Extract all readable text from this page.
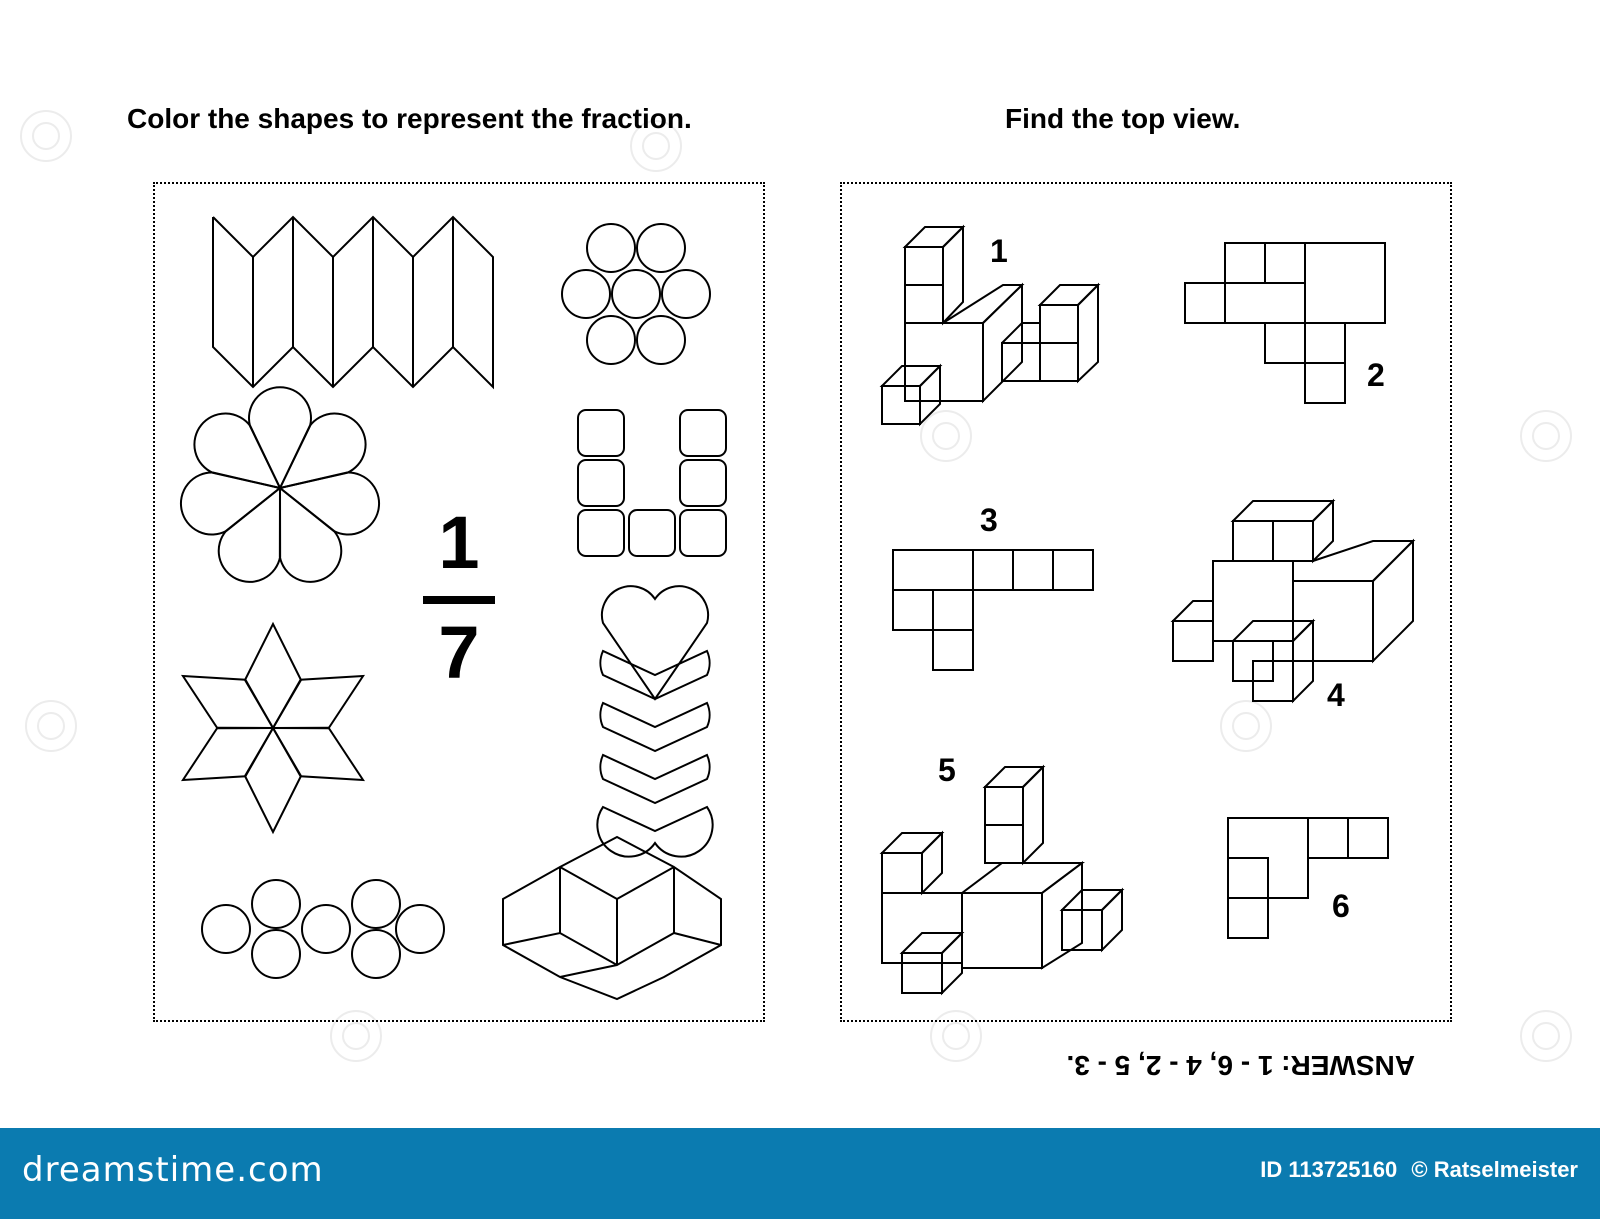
Color the shapes to represent the fraction.	Find the top view.
1
7
1
2
3
4
5
6
ANSWER: 1 - 6, 4 - 2, 5 - 3.
dreamstime.com	ID 113725160 © Ratselmeister
